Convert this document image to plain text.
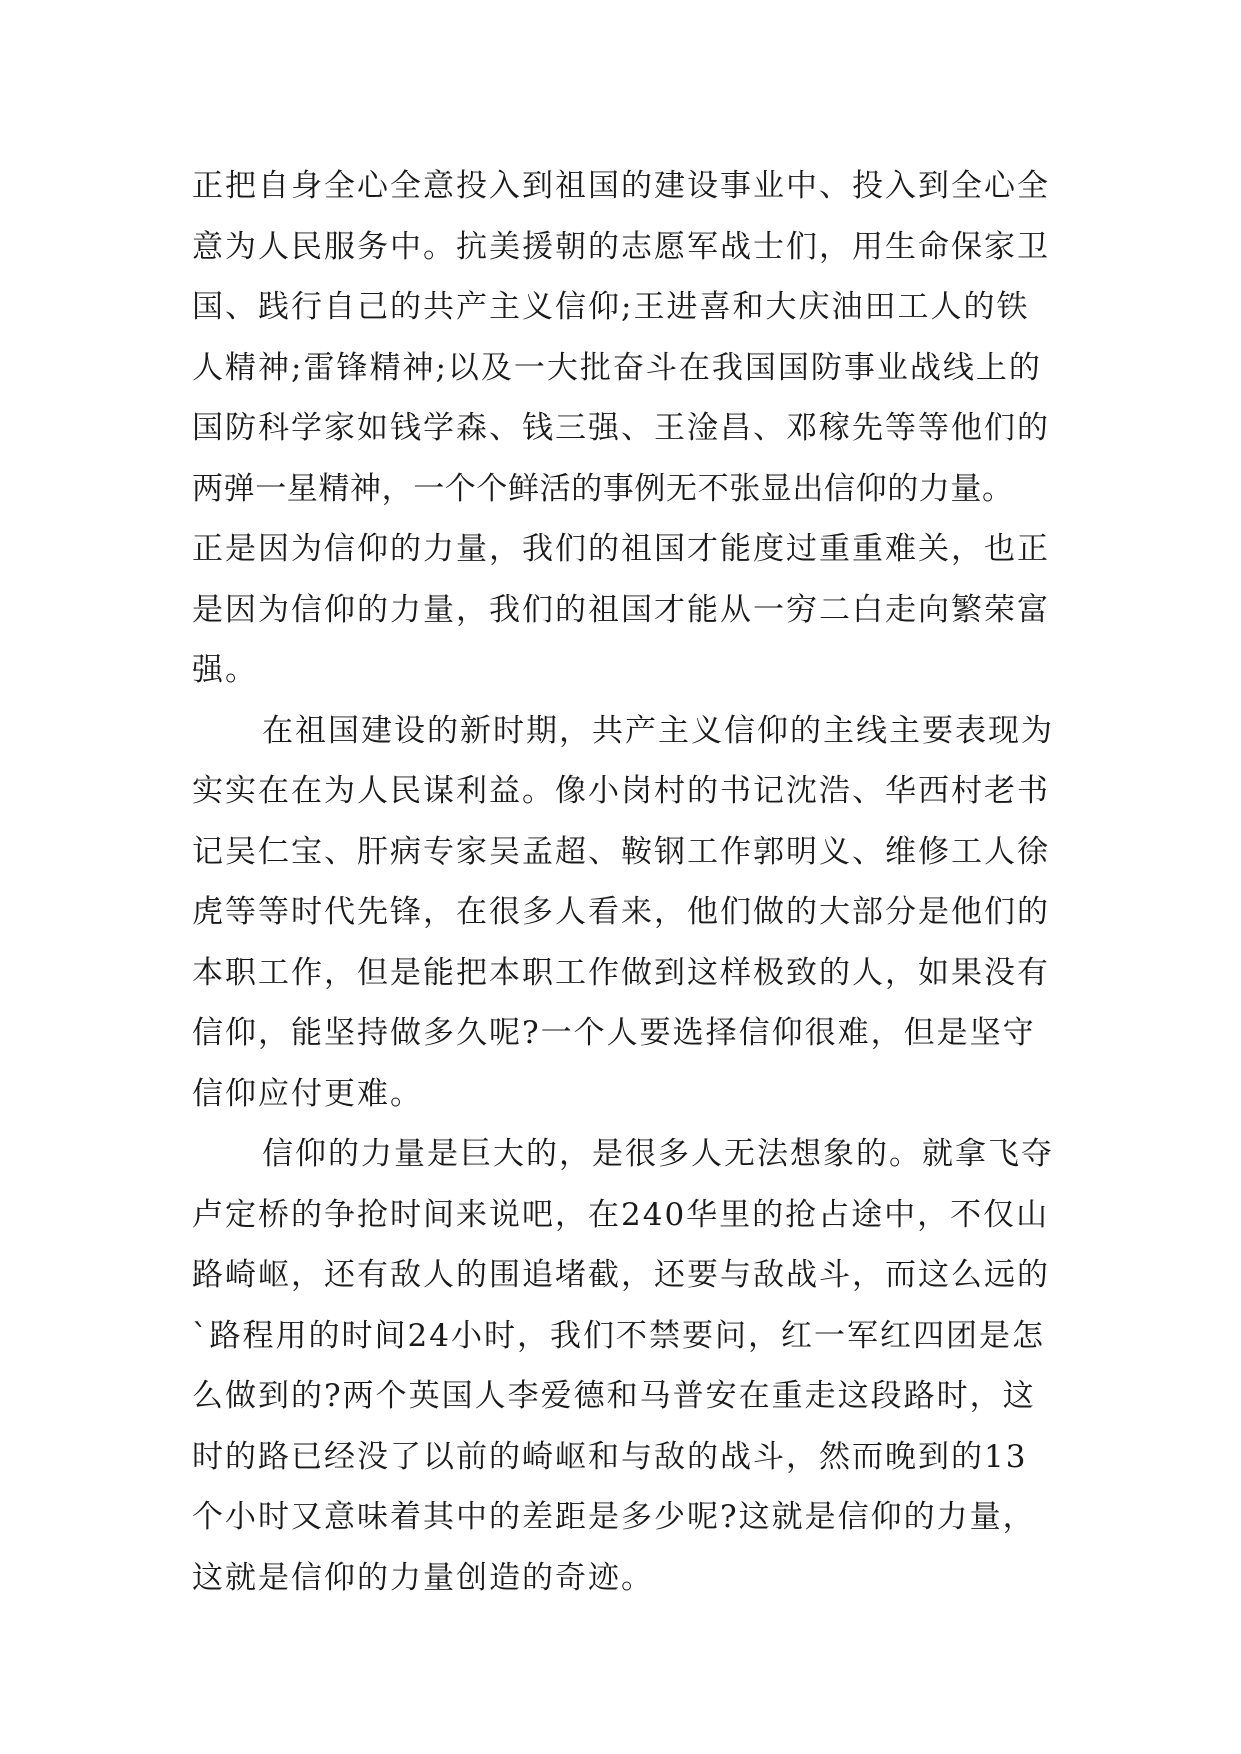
正把自身全心全意投入到祖国的建设事业中、投入到全心全
意为人民服务中。抗美援朝的志愿军战士们，用生命保家卫
国、践行自己的共产主义信仰;王进喜和大庆油田工人的铁
人精神;雷锋精神;以及一大批奋斗在我国国防事业战线上的
国防科学家如钱学森、钱三强、王淦昌、邓稼先等等他们的
两弹一星精神，一个个鲜活的事例无不张显出信仰的力量。
正是因为信仰的力量，我们的祖国才能度过重重难关，也正
是因为信仰的力量，我们的祖国才能从一穷二白走向繁荣富
强。
在祖国建设的新时期，共产主义信仰的主线主要表现为
实实在在为人民谋利益。像小岗村的书记沈浩、华西村老书
记吴仁宝、肝病专家吴孟超、鞍钢工作郭明义、维修工人徐
虎等等时代先锋，在很多人看来，他们做的大部分是他们的
本职工作，但是能把本职工作做到这样极致的人，如果没有
信仰，能坚持做多久呢?一个人要选择信仰很难，但是坚守
信仰应付更难。
信仰的力量是巨大的，是很多人无法想象的。就拿飞夺
卢定桥的争抢时间来说吧，在240华里的抢占途中，不仅山
路崎岖，还有敌人的围追堵截，还要与敌战斗，而这么远的
`路程用的时间24小时，我们不禁要问，红一军红四团是怎
么做到的?两个英国人李爱德和马普安在重走这段路时，这
时的路已经没了以前的崎岖和与敌的战斗，然而晚到的13
个小时又意味着其中的差距是多少呢?这就是信仰的力量，
这就是信仰的力量创造的奇迹。
